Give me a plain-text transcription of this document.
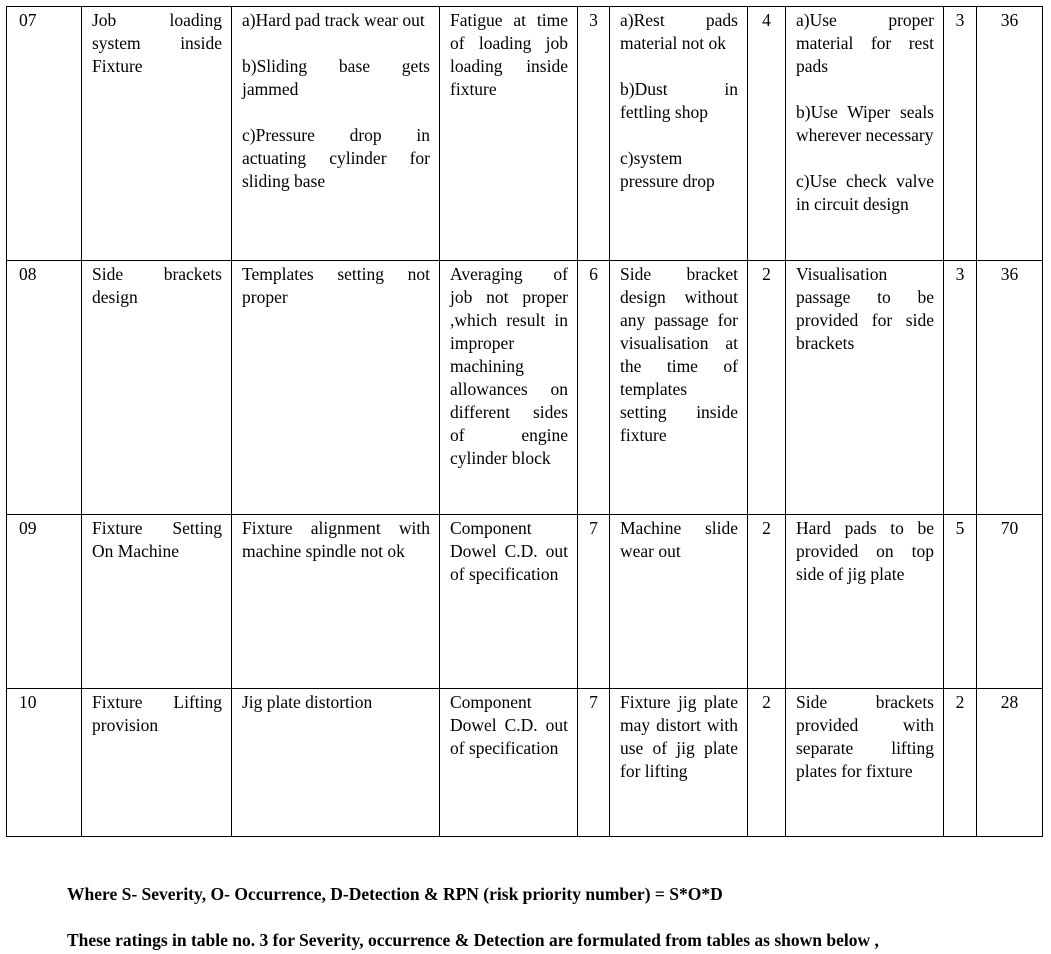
07	Job loading system inside Fixture	a)Hard pad track wear out
b)Sliding base gets jammed
c)Pressure drop in actuating cylinder for sliding base	Fatigue at time of loading job loading inside fixture	3	a)Rest pads material not ok
b)Dust in fettling shop
c)system pressure drop	4	a)Use proper material for rest pads
b)Use Wiper seals wherever necessary
c)Use check valve in circuit design	3	36
08	Side brackets design	Templates setting not proper	Averaging of job not proper ,which result in improper machining allowances on different sides of engine cylinder block	6	Side bracket design without any passage for visualisation at the time of templates setting inside fixture	2	Visualisation passage to be provided for side brackets	3	36
09	Fixture Setting On Machine	Fixture alignment with machine spindle not ok	Component Dowel C.D. out of specification	7	Machine slide wear out	2	Hard pads to be provided on top side of jig plate	5	70
10	Fixture Lifting provision	Jig plate distortion	Component Dowel C.D. out of specification	7	Fixture jig plate may distort with use of jig plate for lifting	2	Side brackets provided with separate lifting plates for fixture	2	28
Where S- Severity, O- Occurrence, D-Detection & RPN (risk priority number) = S*O*D
These ratings in table no. 3 for Severity, occurrence & Detection are formulated from tables as shown below ,
